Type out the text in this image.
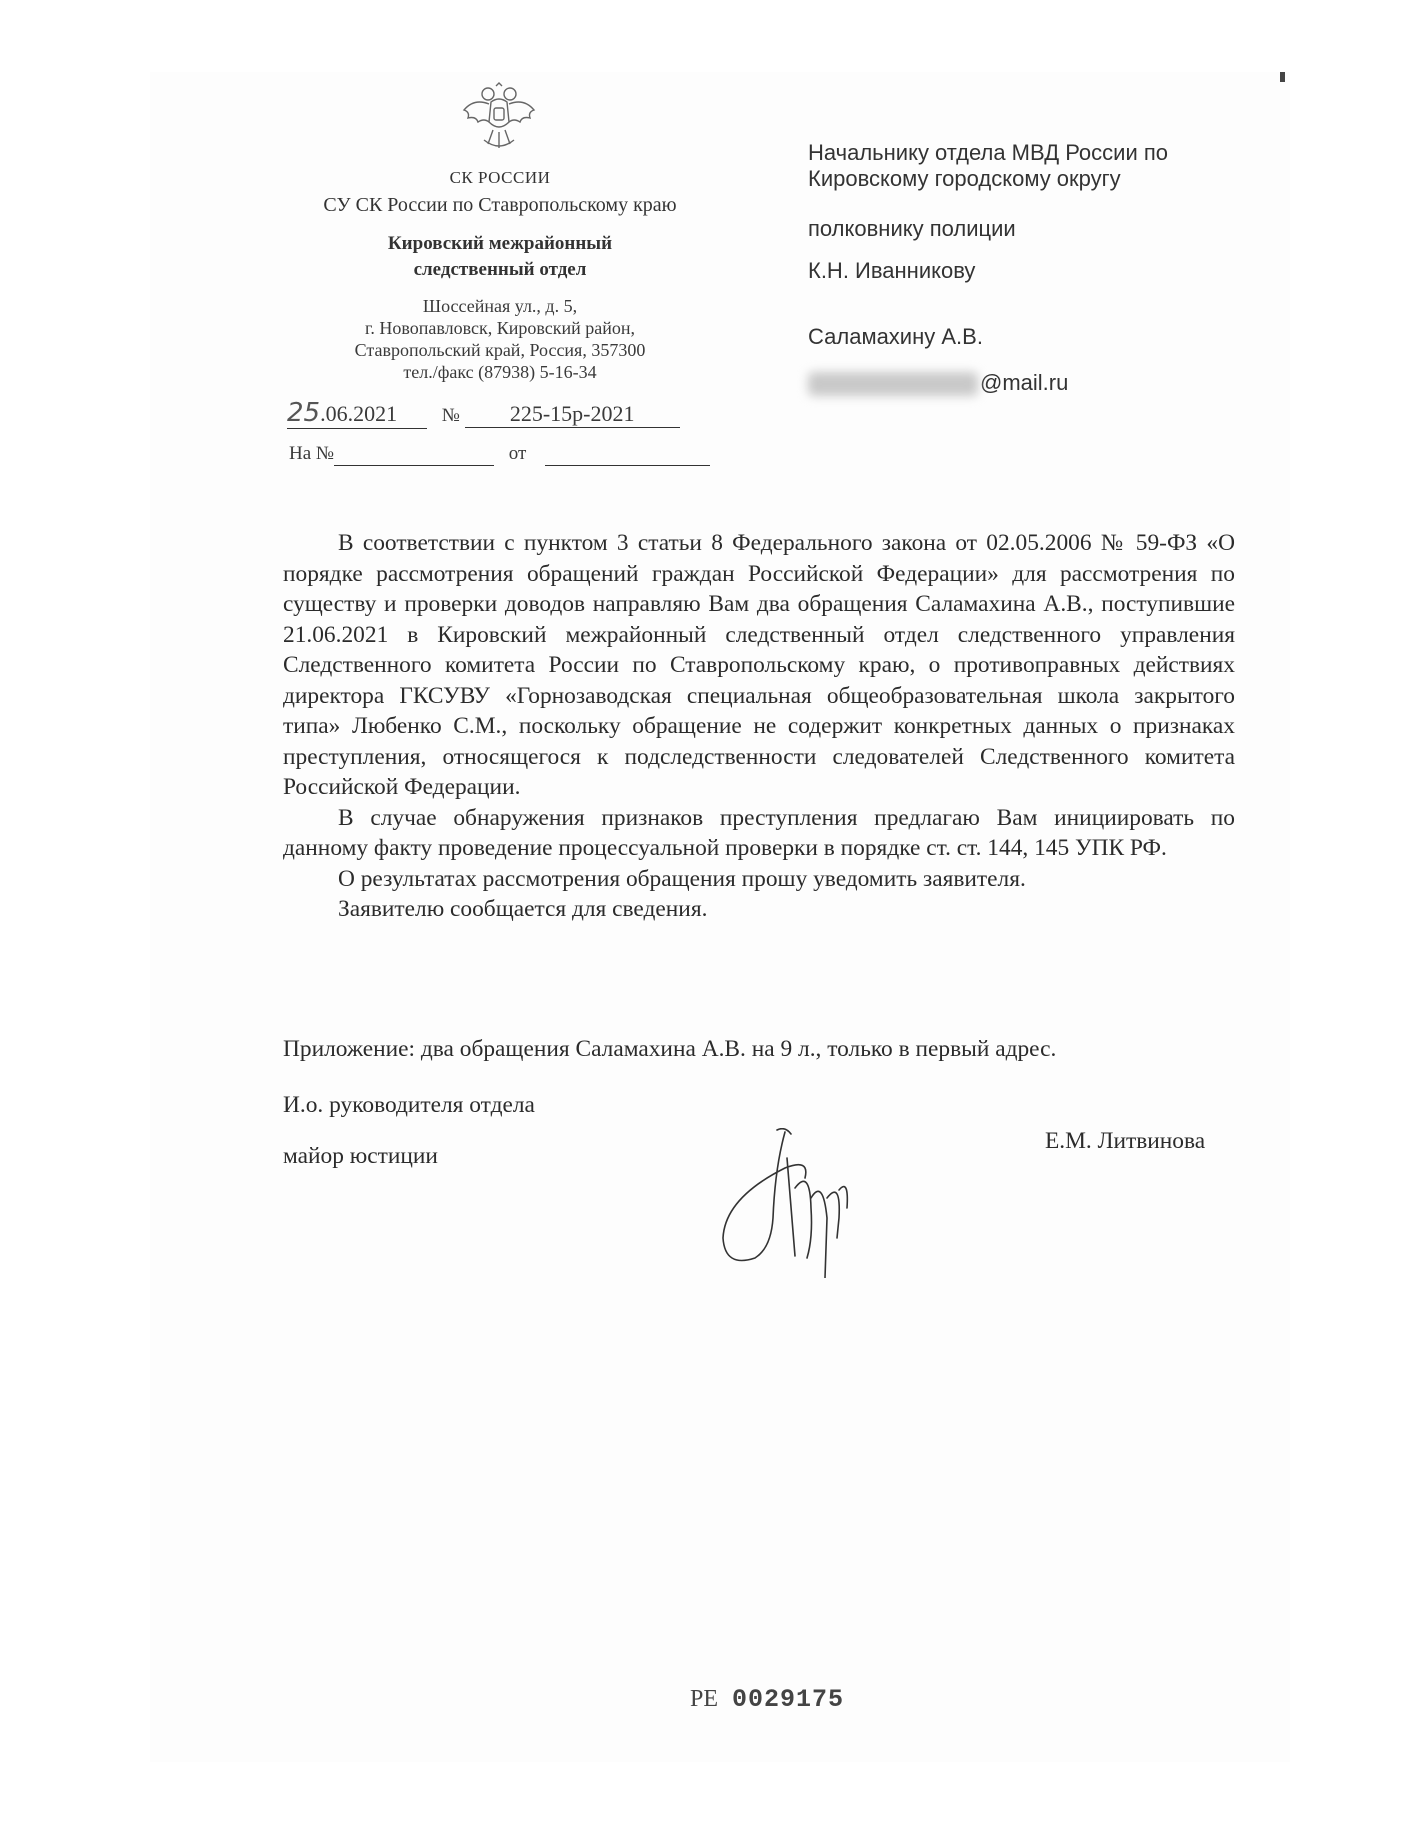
СК РОССИИ
СУ СК России по Ставропольскому краю
Кировский межрайонный
следственный отдел
Шоссейная ул., д. 5,
г. Новопавловск, Кировский район,
Ставропольский край, Россия, 357300
тел./факс (87938) 5-16-34
25.06.2021 № 225-15р-2021
На №	от
Начальнику отдела МВД России по
Кировскому городскому округу
полковнику полиции
К.Н. Иванникову
Саламахину А.В.
@mail.ru

В соответствии с пунктом 3 статьи 8 Федерального закона от 02.05.2006 № 59-ФЗ «О порядке рассмотрения обращений граждан Российской Федерации» для рассмотрения по существу и проверки доводов направляю Вам два обращения Саламахина А.В., поступившие 21.06.2021 в Кировский межрайонный следственный отдел следственного управления Следственного комитета России по Ставропольскому краю, о противоправных действиях директора ГКСУВУ «Горнозаводская специальная общеобразовательная школа закрытого типа» Любенко С.М., поскольку обращение не содержит конкретных данных о признаках преступления, относящегося к подследственности следователей Следственного комитета Российской Федерации.

В случае обнаружения признаков преступления предлагаю Вам инициировать по данному факту проведение процессуальной проверки в порядке ст. ст. 144, 145 УПК РФ.

О результатах рассмотрения обращения прошу уведомить заявителя.

Заявителю сообщается для сведения.

Приложение: два обращения Саламахина А.В. на 9 л., только в первый адрес.
И.о. руководителя отдела
майор юстиции
Е.М. Литвинова
РЕ 0029175
